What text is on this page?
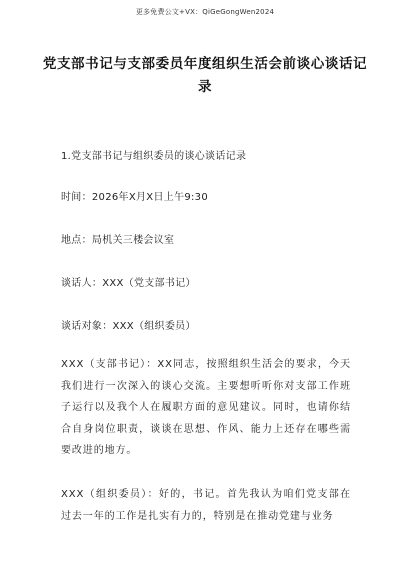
更多免费公文+VX：QiGeGongWen2024
党支部书记与支部委员年度组织生活会前谈心谈话记录
1.党支部书记与组织委员的谈心谈话记录
时间：2026年X月X日上午9:30
地点：局机关三楼会议室
谈话人：XXX（党支部书记）
谈话对象：XXX（组织委员）
XXX（支部书记）：XX同志，按照组织生活会的要求，今天我们进行一次深入的谈心交流。主要想听听你对支部工作班子运行以及我个人在履职方面的意见建议。同时，也请你结合自身岗位职责，谈谈在思想、作风、能力上还存在哪些需要改进的地方。
XXX（组织委员）：好的，书记。首先我认为咱们党支部在过去一年的工作是扎实有力的，特别是在推动党建与业务
